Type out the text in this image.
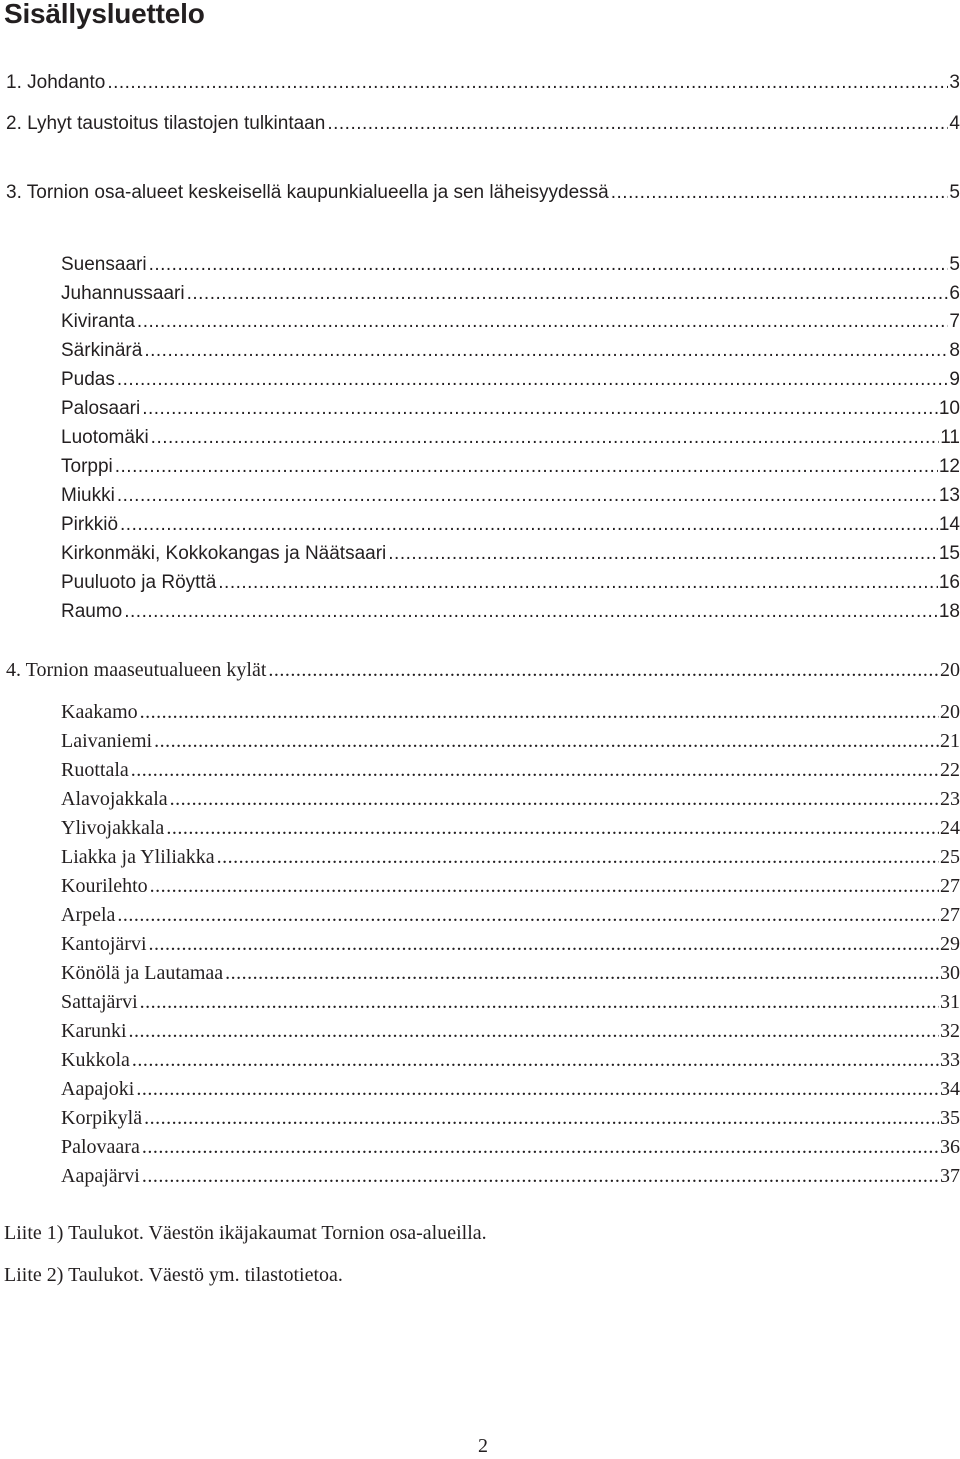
Sisällysluettelo
1. Johdanto .....	3
2. Lyhyt taustoitus tilastojen tulkintaan .....	4
3. Tornion osa-alueet keskeisellä kaupunkialueella ja sen läheisyydessä .....	5
Suensaari .....	5
Juhannussaari .....	6
Kiviranta .....	7
Särkinärä .....	8
Pudas .....	9
Palosaari .....	10
Luotomäki .....	11
Torppi .....	12
Miukki .....	13
Pirkkiö .....	14
Kirkonmäki, Kokkokangas ja Näätsaari .....	15
Puuluoto ja Röyttä .....	16
Raumo .....	18
4. Tornion maaseutualueen kylät .....	20
Kaakamo .....	20
Laivaniemi .....	21
Ruottala .....	22
Alavojakkala .....	23
Ylivojakkala .....	24
Liakka ja Yliliakka .....	25
Kourilehto .....	27
Arpela .....	27
Kantojärvi .....	29
Könölä ja Lautamaa .....	30
Sattajärvi .....	31
Karunki .....	32
Kukkola .....	33
Aapajoki .....	34
Korpikylä .....	35
Palovaara .....	36
Aapajärvi .....	37
Liite 1) Taulukot. Väestön ikäjakaumat Tornion osa-alueilla.
Liite 2) Taulukot. Väestö ym. tilastotietoa.
2
